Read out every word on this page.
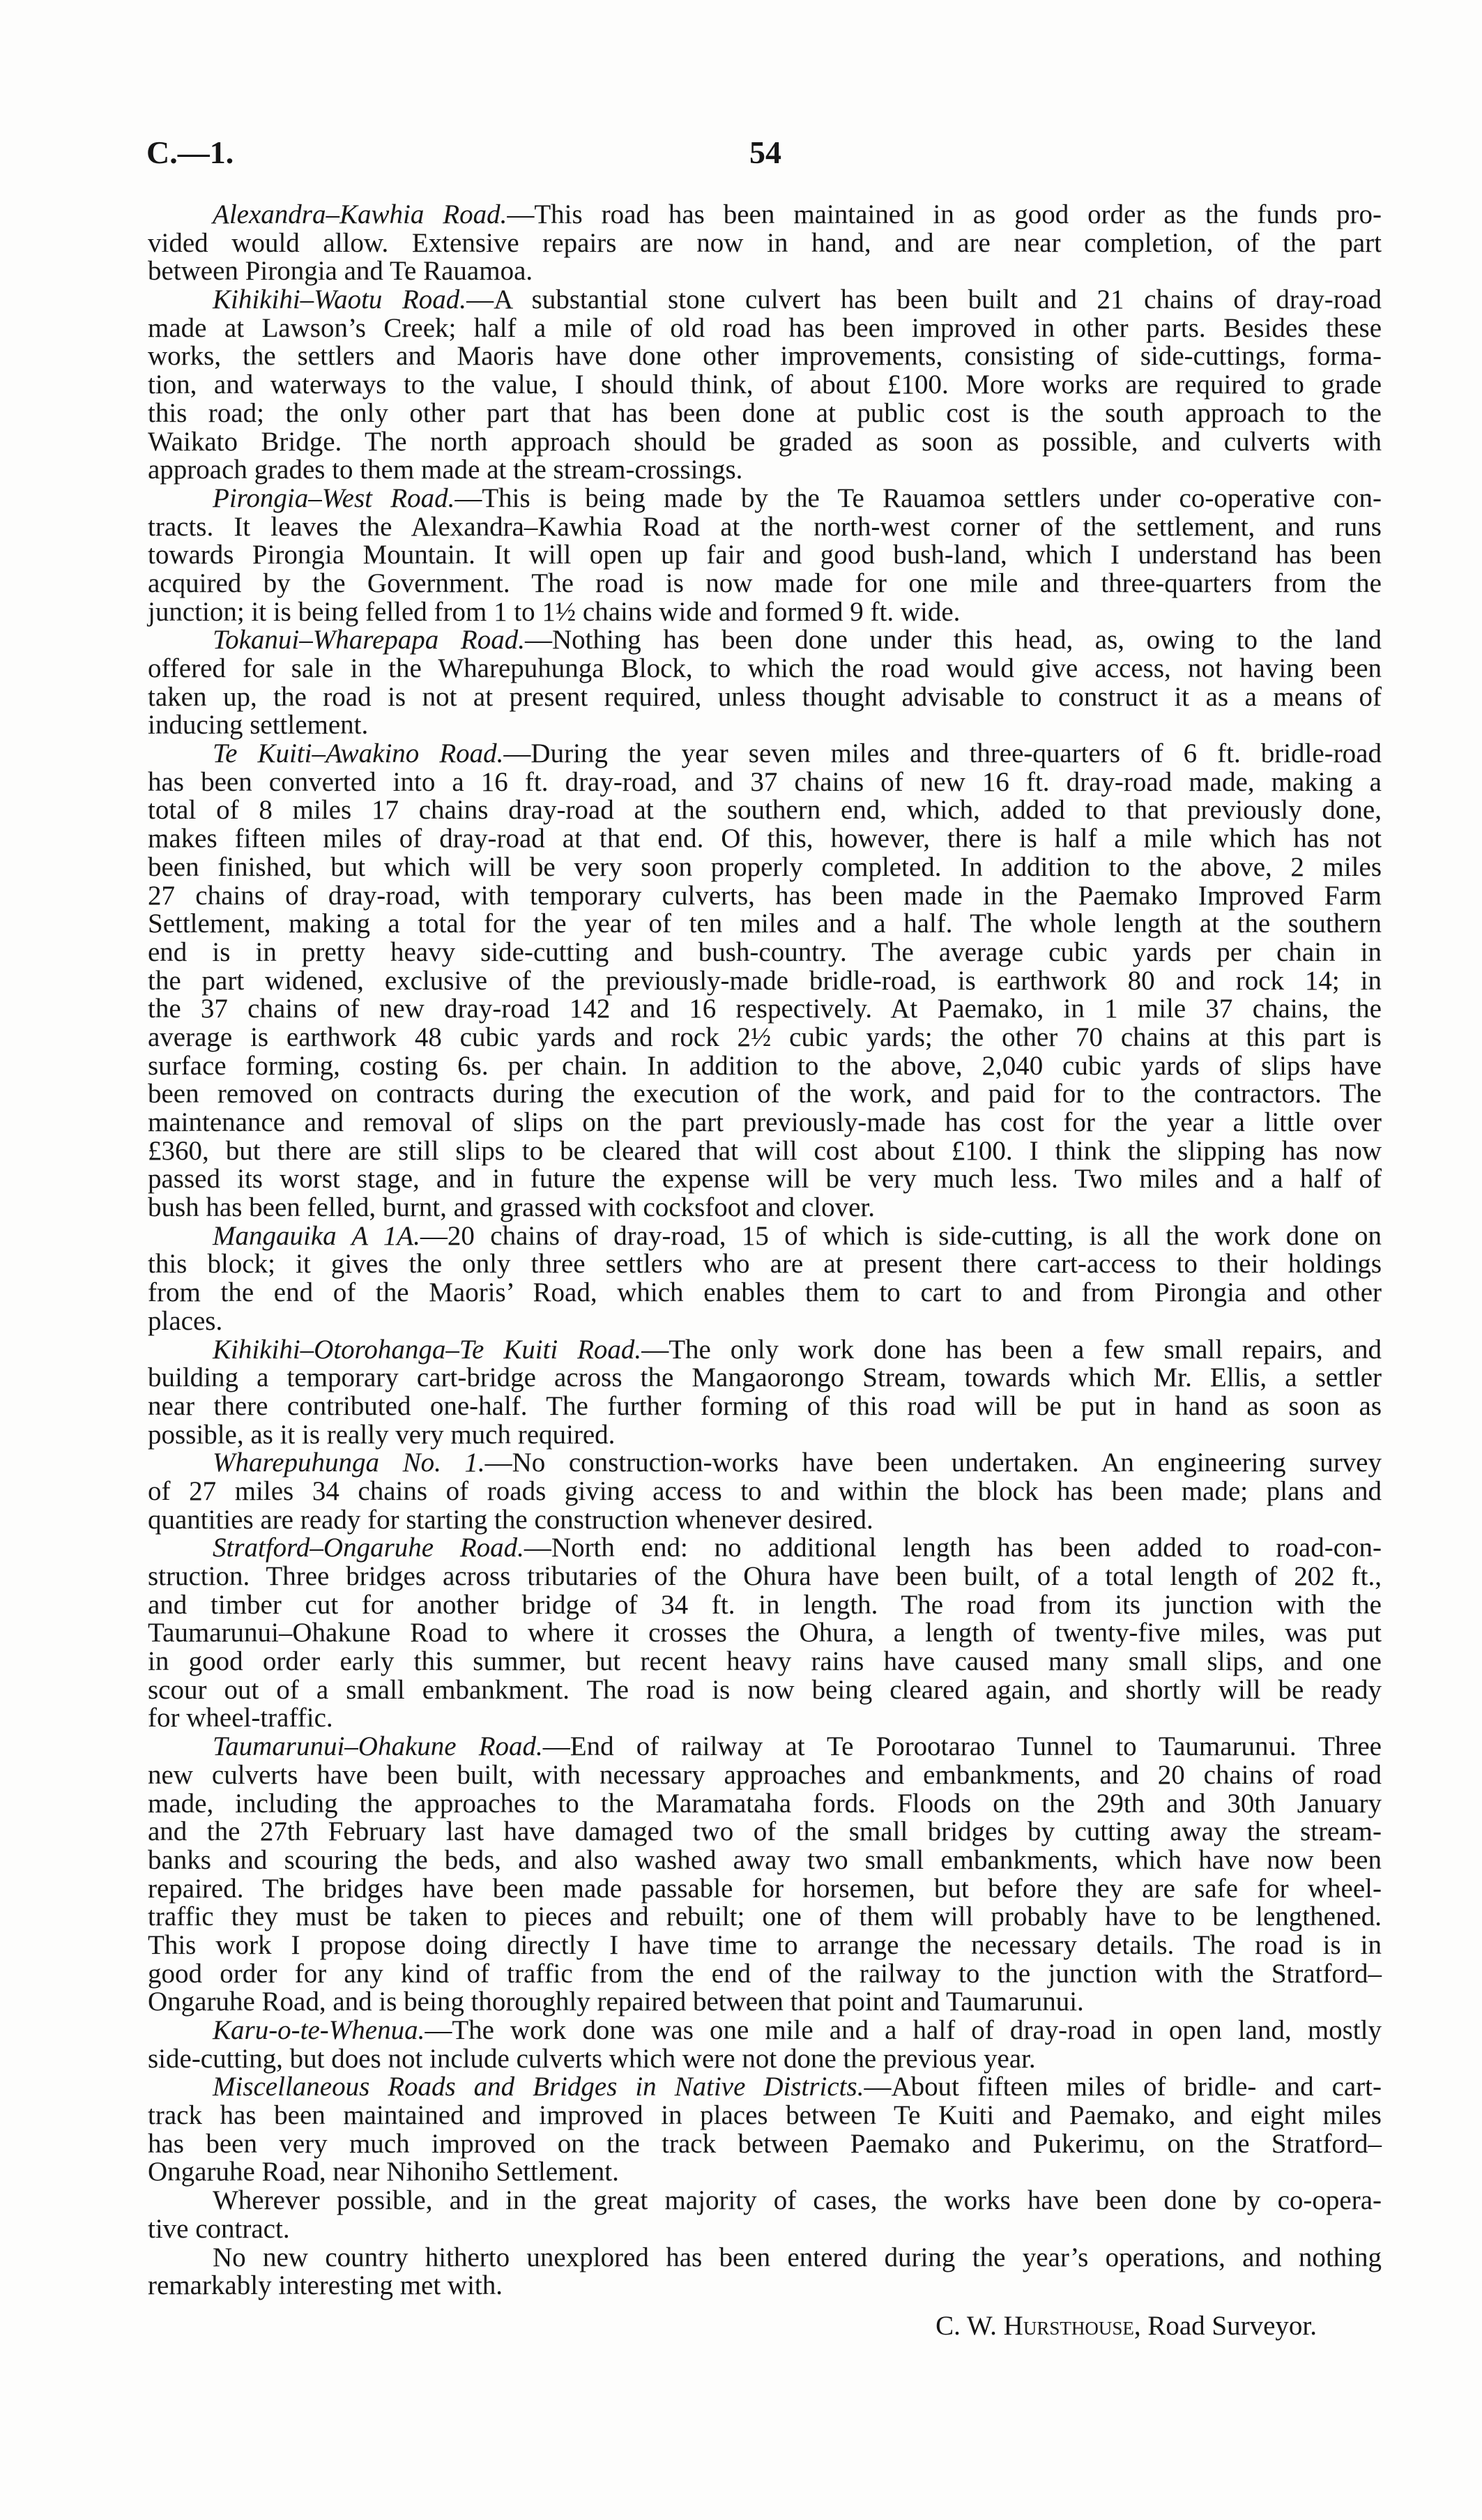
C.—1.	54
Alexandra–Kawhia Road.—This road has been maintained in as good order as the funds pro-
vided would allow. Extensive repairs are now in hand, and are near completion, of the part
between Pirongia and Te Rauamoa.
Kihikihi–Waotu Road.—A substantial stone culvert has been built and 21 chains of dray-road
made at Lawson’s Creek; half a mile of old road has been improved in other parts. Besides these
works, the settlers and Maoris have done other improvements, consisting of side-cuttings, forma-
tion, and waterways to the value, I should think, of about £100. More works are required to grade
this road; the only other part that has been done at public cost is the south approach to the
Waikato Bridge. The north approach should be graded as soon as possible, and culverts with
approach grades to them made at the stream-crossings.
Pirongia–West Road.—This is being made by the Te Rauamoa settlers under co-operative con-
tracts. It leaves the Alexandra–Kawhia Road at the north-west corner of the settlement, and runs
towards Pirongia Mountain. It will open up fair and good bush-land, which I understand has been
acquired by the Government. The road is now made for one mile and three-quarters from the
junction; it is being felled from 1 to 1½ chains wide and formed 9 ft. wide.
Tokanui–Wharepapa Road.—Nothing has been done under this head, as, owing to the land
offered for sale in the Wharepuhunga Block, to which the road would give access, not having been
taken up, the road is not at present required, unless thought advisable to construct it as a means of
inducing settlement.
Te Kuiti–Awakino Road.—During the year seven miles and three-quarters of 6 ft. bridle-road
has been converted into a 16 ft. dray-road, and 37 chains of new 16 ft. dray-road made, making a
total of 8 miles 17 chains dray-road at the southern end, which, added to that previously done,
makes fifteen miles of dray-road at that end. Of this, however, there is half a mile which has not
been finished, but which will be very soon properly completed. In addition to the above, 2 miles
27 chains of dray-road, with temporary culverts, has been made in the Paemako Improved Farm
Settlement, making a total for the year of ten miles and a half. The whole length at the southern
end is in pretty heavy side-cutting and bush-country. The average cubic yards per chain in
the part widened, exclusive of the previously-made bridle-road, is earthwork 80 and rock 14; in
the 37 chains of new dray-road 142 and 16 respectively. At Paemako, in 1 mile 37 chains, the
average is earthwork 48 cubic yards and rock 2½ cubic yards; the other 70 chains at this part is
surface forming, costing 6s. per chain. In addition to the above, 2,040 cubic yards of slips have
been removed on contracts during the execution of the work, and paid for to the contractors. The
maintenance and removal of slips on the part previously-made has cost for the year a little over
£360, but there are still slips to be cleared that will cost about £100. I think the slipping has now
passed its worst stage, and in future the expense will be very much less. Two miles and a half of
bush has been felled, burnt, and grassed with cocksfoot and clover.
Mangauika A 1A.—20 chains of dray-road, 15 of which is side-cutting, is all the work done on
this block; it gives the only three settlers who are at present there cart-access to their holdings
from the end of the Maoris’ Road, which enables them to cart to and from Pirongia and other
places.
Kihikihi–Otorohanga–Te Kuiti Road.—The only work done has been a few small repairs, and
building a temporary cart-bridge across the Mangaorongo Stream, towards which Mr. Ellis, a settler
near there contributed one-half. The further forming of this road will be put in hand as soon as
possible, as it is really very much required.
Wharepuhunga No. 1.—No construction-works have been undertaken. An engineering survey
of 27 miles 34 chains of roads giving access to and within the block has been made; plans and
quantities are ready for starting the construction whenever desired.
Stratford–Ongaruhe Road.—North end: no additional length has been added to road-con-
struction. Three bridges across tributaries of the Ohura have been built, of a total length of 202 ft.,
and timber cut for another bridge of 34 ft. in length. The road from its junction with the
Taumarunui–Ohakune Road to where it crosses the Ohura, a length of twenty-five miles, was put
in good order early this summer, but recent heavy rains have caused many small slips, and one
scour out of a small embankment. The road is now being cleared again, and shortly will be ready
for wheel-traffic.
Taumarunui–Ohakune Road.—End of railway at Te Porootarao Tunnel to Taumarunui. Three
new culverts have been built, with necessary approaches and embankments, and 20 chains of road
made, including the approaches to the Maramataha fords. Floods on the 29th and 30th January
and the 27th February last have damaged two of the small bridges by cutting away the stream-
banks and scouring the beds, and also washed away two small embankments, which have now been
repaired. The bridges have been made passable for horsemen, but before they are safe for wheel-
traffic they must be taken to pieces and rebuilt; one of them will probably have to be lengthened.
This work I propose doing directly I have time to arrange the necessary details. The road is in
good order for any kind of traffic from the end of the railway to the junction with the Stratford–
Ongaruhe Road, and is being thoroughly repaired between that point and Taumarunui.
Karu-o-te-Whenua.—The work done was one mile and a half of dray-road in open land, mostly
side-cutting, but does not include culverts which were not done the previous year.
Miscellaneous Roads and Bridges in Native Districts.—About fifteen miles of bridle- and cart-
track has been maintained and improved in places between Te Kuiti and Paemako, and eight miles
has been very much improved on the track between Paemako and Pukerimu, on the Stratford–
Ongaruhe Road, near Nihoniho Settlement.
Wherever possible, and in the great majority of cases, the works have been done by co-opera-
tive contract.
No new country hitherto unexplored has been entered during the year’s operations, and nothing
remarkably interesting met with.
C. W. Hursthouse, Road Surveyor.
